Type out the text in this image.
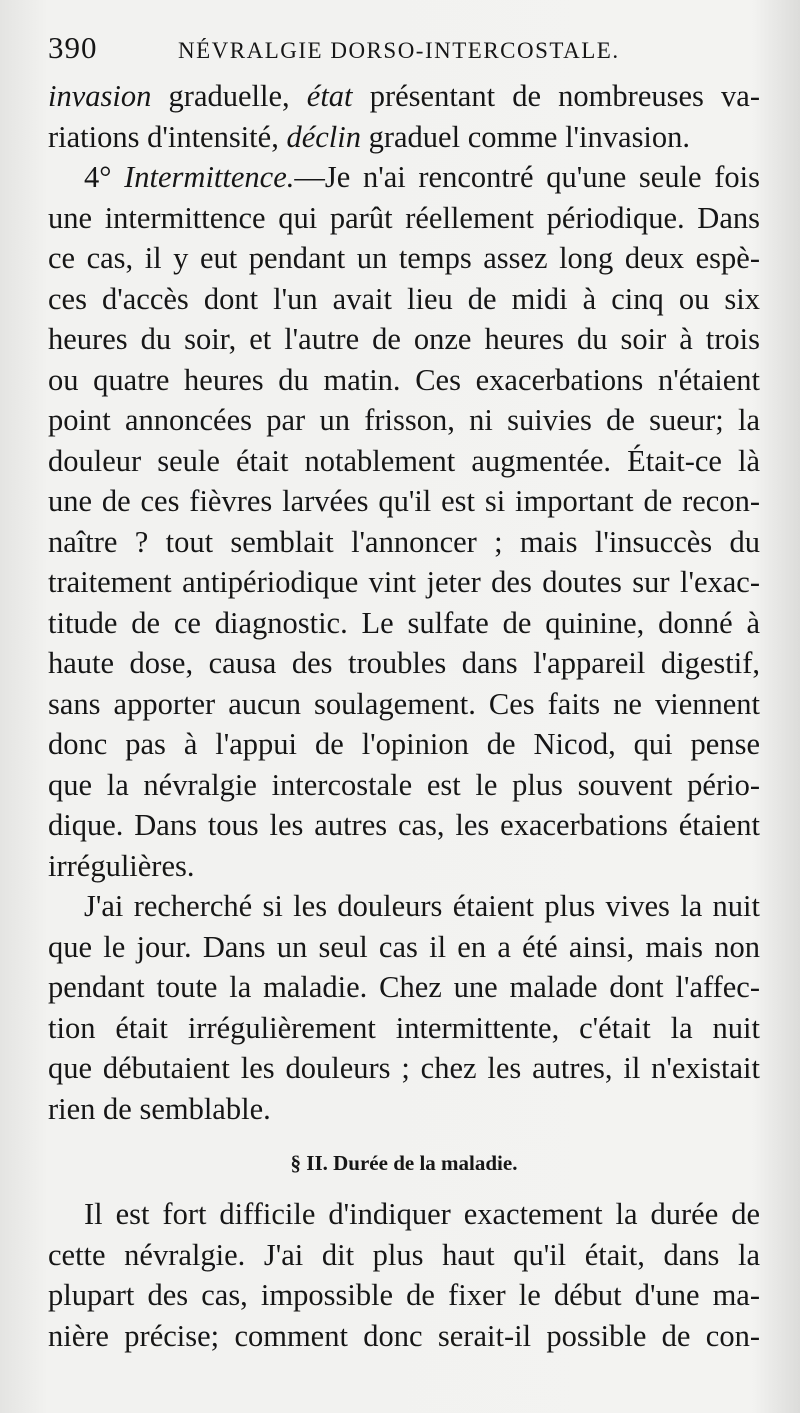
390	NÉVRALGIE DORSO-INTERCOSTALE.

invasion graduelle, état présentant de nombreuses va-

riations d'intensité, déclin graduel comme l'invasion.

4° Intermittence.—Je n'ai rencontré qu'une seule fois

une intermittence qui parût réellement périodique. Dans

ce cas, il y eut pendant un temps assez long deux espè-

ces d'accès dont l'un avait lieu de midi à cinq ou six

heures du soir, et l'autre de onze heures du soir à trois

ou quatre heures du matin. Ces exacerbations n'étaient

point annoncées par un frisson, ni suivies de sueur; la

douleur seule était notablement augmentée. Était-ce là

une de ces fièvres larvées qu'il est si important de recon-

naître ? tout semblait l'annoncer ; mais l'insuccès du

traitement antipériodique vint jeter des doutes sur l'exac-

titude de ce diagnostic. Le sulfate de quinine, donné à

haute dose, causa des troubles dans l'appareil digestif,

sans apporter aucun soulagement. Ces faits ne viennent

donc pas à l'appui de l'opinion de Nicod, qui pense

que la névralgie intercostale est le plus souvent pério-

dique. Dans tous les autres cas, les exacerbations étaient

irrégulières.

J'ai recherché si les douleurs étaient plus vives la nuit

que le jour. Dans un seul cas il en a été ainsi, mais non

pendant toute la maladie. Chez une malade dont l'affec-

tion était irrégulièrement intermittente, c'était la nuit

que débutaient les douleurs ; chez les autres, il n'existait

rien de semblable.

§ II. Durée de la maladie.

Il est fort difficile d'indiquer exactement la durée de

cette névralgie. J'ai dit plus haut qu'il était, dans la

plupart des cas, impossible de fixer le début d'une ma-

nière précise; comment donc serait-il possible de con-
